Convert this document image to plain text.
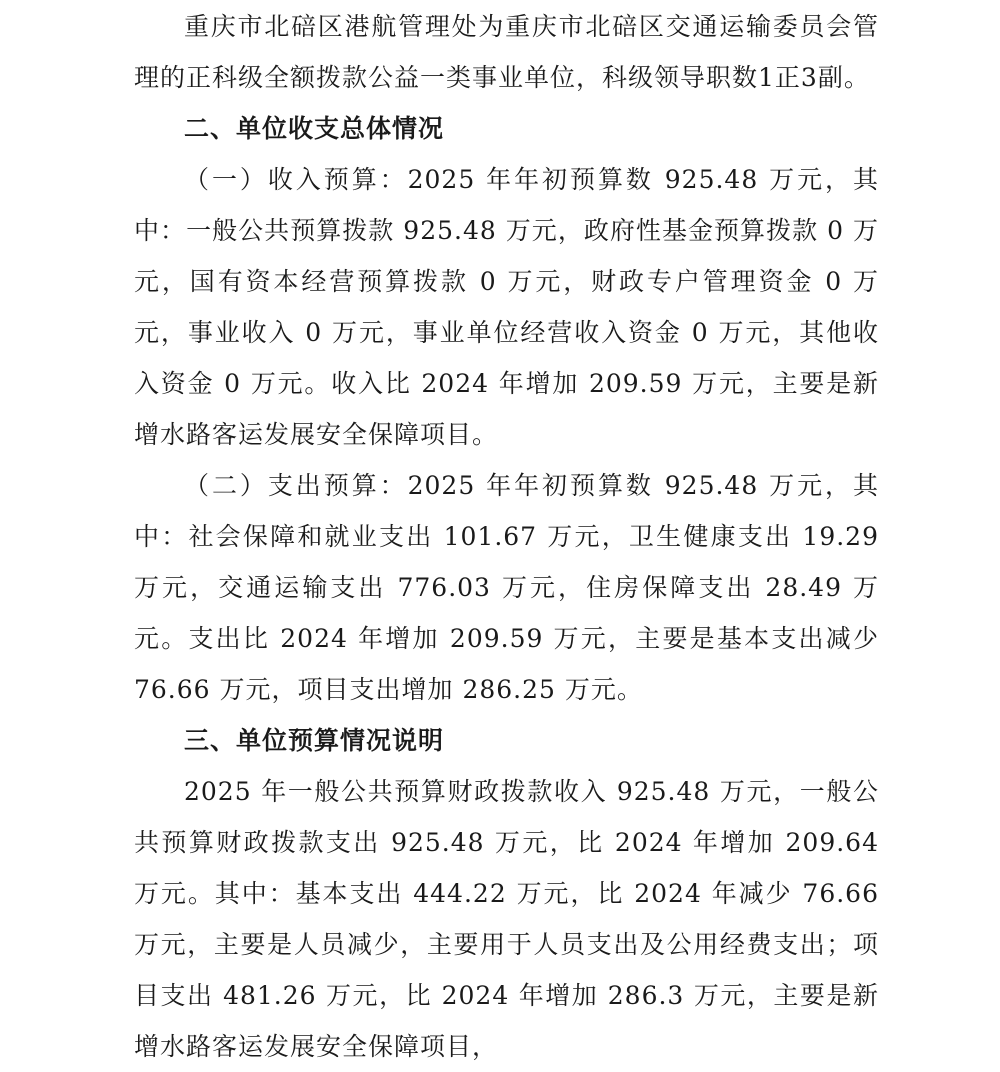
重庆市北碚区港航管理处为重庆市北碚区交通运输委员会管理的正科级全额拨款公益一类事业单位，科级领导职数1正3副。

二、单位收支总体情况

（一）收入预算：2025 年年初预算数 925.48 万元，其中：一般公共预算拨款 925.48 万元，政府性基金预算拨款 0 万元，国有资本经营预算拨款 0 万元，财政专户管理资金 0 万元，事业收入 0 万元，事业单位经营收入资金 0 万元，其他收入资金 0 万元。收入比 2024 年增加 209.59 万元，主要是新增水路客运发展安全保障项目。

（二）支出预算：2025 年年初预算数 925.48 万元，其中：社会保障和就业支出 101.67 万元，卫生健康支出 19.29 万元，交通运输支出 776.03 万元，住房保障支出 28.49 万元。支出比 2024 年增加 209.59 万元，主要是基本支出减少 76.66 万元，项目支出增加 286.25 万元。

三、单位预算情况说明

2025 年一般公共预算财政拨款收入 925.48 万元，一般公共预算财政拨款支出 925.48 万元，比 2024 年增加 209.64 万元。其中：基本支出 444.22 万元，比 2024 年减少 76.66 万元，主要是人员减少，主要用于人员支出及公用经费支出；项目支出 481.26 万元，比 2024 年增加 286.3 万元，主要是新增水路客运发展安全保障项目，
